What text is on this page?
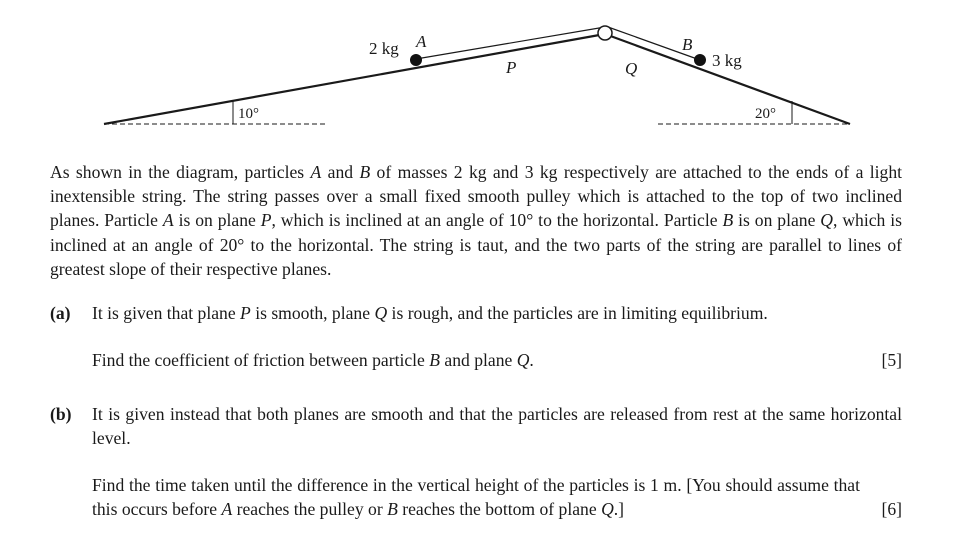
2 kg A	B
3 kg
P	Q
10°	20°

As shown in the diagram, particles A and B of masses 2 kg and 3 kg respectively are attached to the ends of a light inextensible string. The string passes over a small fixed smooth pulley which is attached to the top of two inclined planes. Particle A is on plane P, which is inclined at an angle of 10° to the horizontal. Particle B is on plane Q, which is inclined at an angle of 20° to the horizontal. The string is taut, and the two parts of the string are parallel to lines of greatest slope of their respective planes.

(a) It is given that plane P is smooth, plane Q is rough, and the particles are in limiting equilibrium.

Find the coefficient of friction between particle B and plane Q.	[5]
(b) It is given instead that both planes are smooth and that the particles are released from rest at the same horizontal level.

Find the time taken until the difference in the vertical height of the particles is 1 m. [You should assume that this occurs before A reaches the pulley or B reaches the bottom of plane Q.]	[6]
